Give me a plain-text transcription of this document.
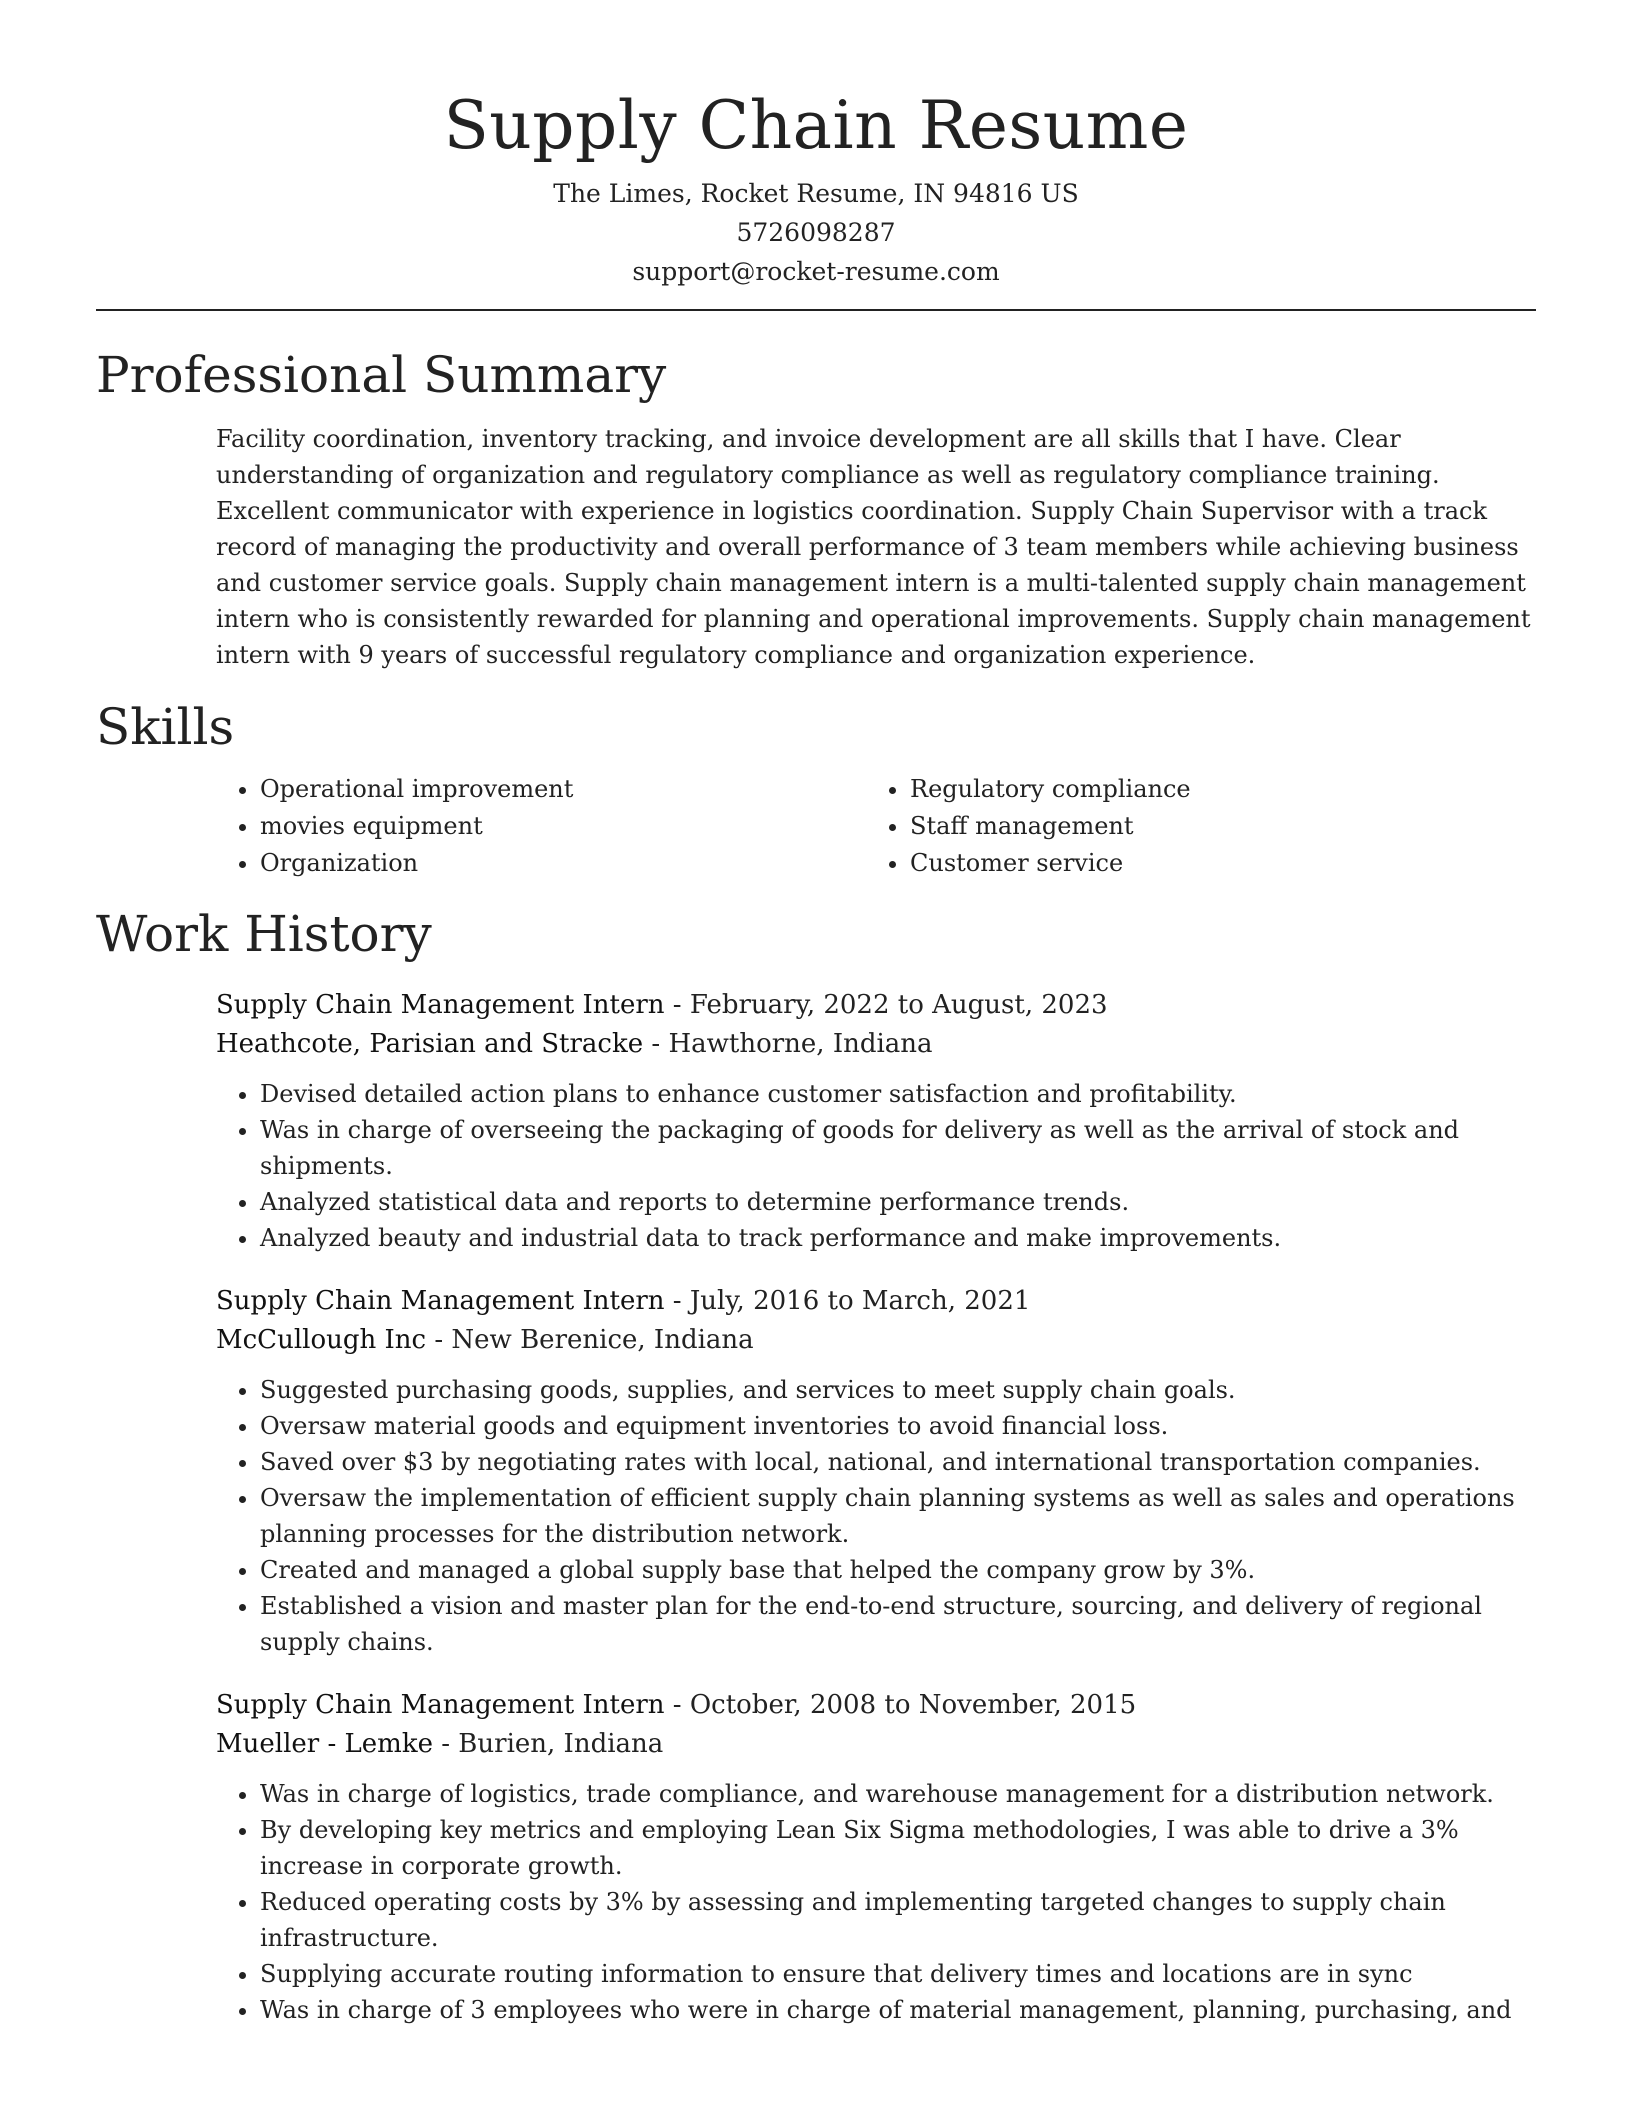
Supply Chain Resume

The Limes, Rocket Resume, IN 94816 US

5726098287

support@rocket-resume.com

Professional Summary

Facility coordination, inventory tracking, and invoice development are all skills that I have. Clear understanding of organization and regulatory compliance as well as regulatory compliance training. Excellent communicator with experience in logistics coordination. Supply Chain Supervisor with a track record of managing the productivity and overall performance of 3 team members while achieving business and customer service goals. Supply chain management intern is a multi-talented supply chain management intern who is consistently rewarded for planning and operational improvements. Supply chain management intern with 9 years of successful regulatory compliance and organization experience.

Skills
• Operational improvement
• movies equipment
• Organization
• Regulatory compliance
• Staff management
• Customer service
Work History

Supply Chain Management Intern - February, 2022 to August, 2023

Heathcote, Parisian and Stracke - Hawthorne, Indiana

• Devised detailed action plans to enhance customer satisfaction and profitability.
• Was in charge of overseeing the packaging of goods for delivery as well as the arrival of stock and shipments.
• Analyzed statistical data and reports to determine performance trends.
• Analyzed beauty and industrial data to track performance and make improvements.

Supply Chain Management Intern - July, 2016 to March, 2021

McCullough Inc - New Berenice, Indiana

• Suggested purchasing goods, supplies, and services to meet supply chain goals.
• Oversaw material goods and equipment inventories to avoid financial loss.
• Saved over $3 by negotiating rates with local, national, and international transportation companies.
• Oversaw the implementation of efficient supply chain planning systems as well as sales and operations planning processes for the distribution network.
• Created and managed a global supply base that helped the company grow by 3%.
• Established a vision and master plan for the end-to-end structure, sourcing, and delivery of regional supply chains.

Supply Chain Management Intern - October, 2008 to November, 2015

Mueller - Lemke - Burien, Indiana

• Was in charge of logistics, trade compliance, and warehouse management for a distribution network.
• By developing key metrics and employing Lean Six Sigma methodologies, I was able to drive a 3% increase in corporate growth.
• Reduced operating costs by 3% by assessing and implementing targeted changes to supply chain infrastructure.
• Supplying accurate routing information to ensure that delivery times and locations are in sync
• Was in charge of 3 employees who were in charge of material management, planning, purchasing, and
